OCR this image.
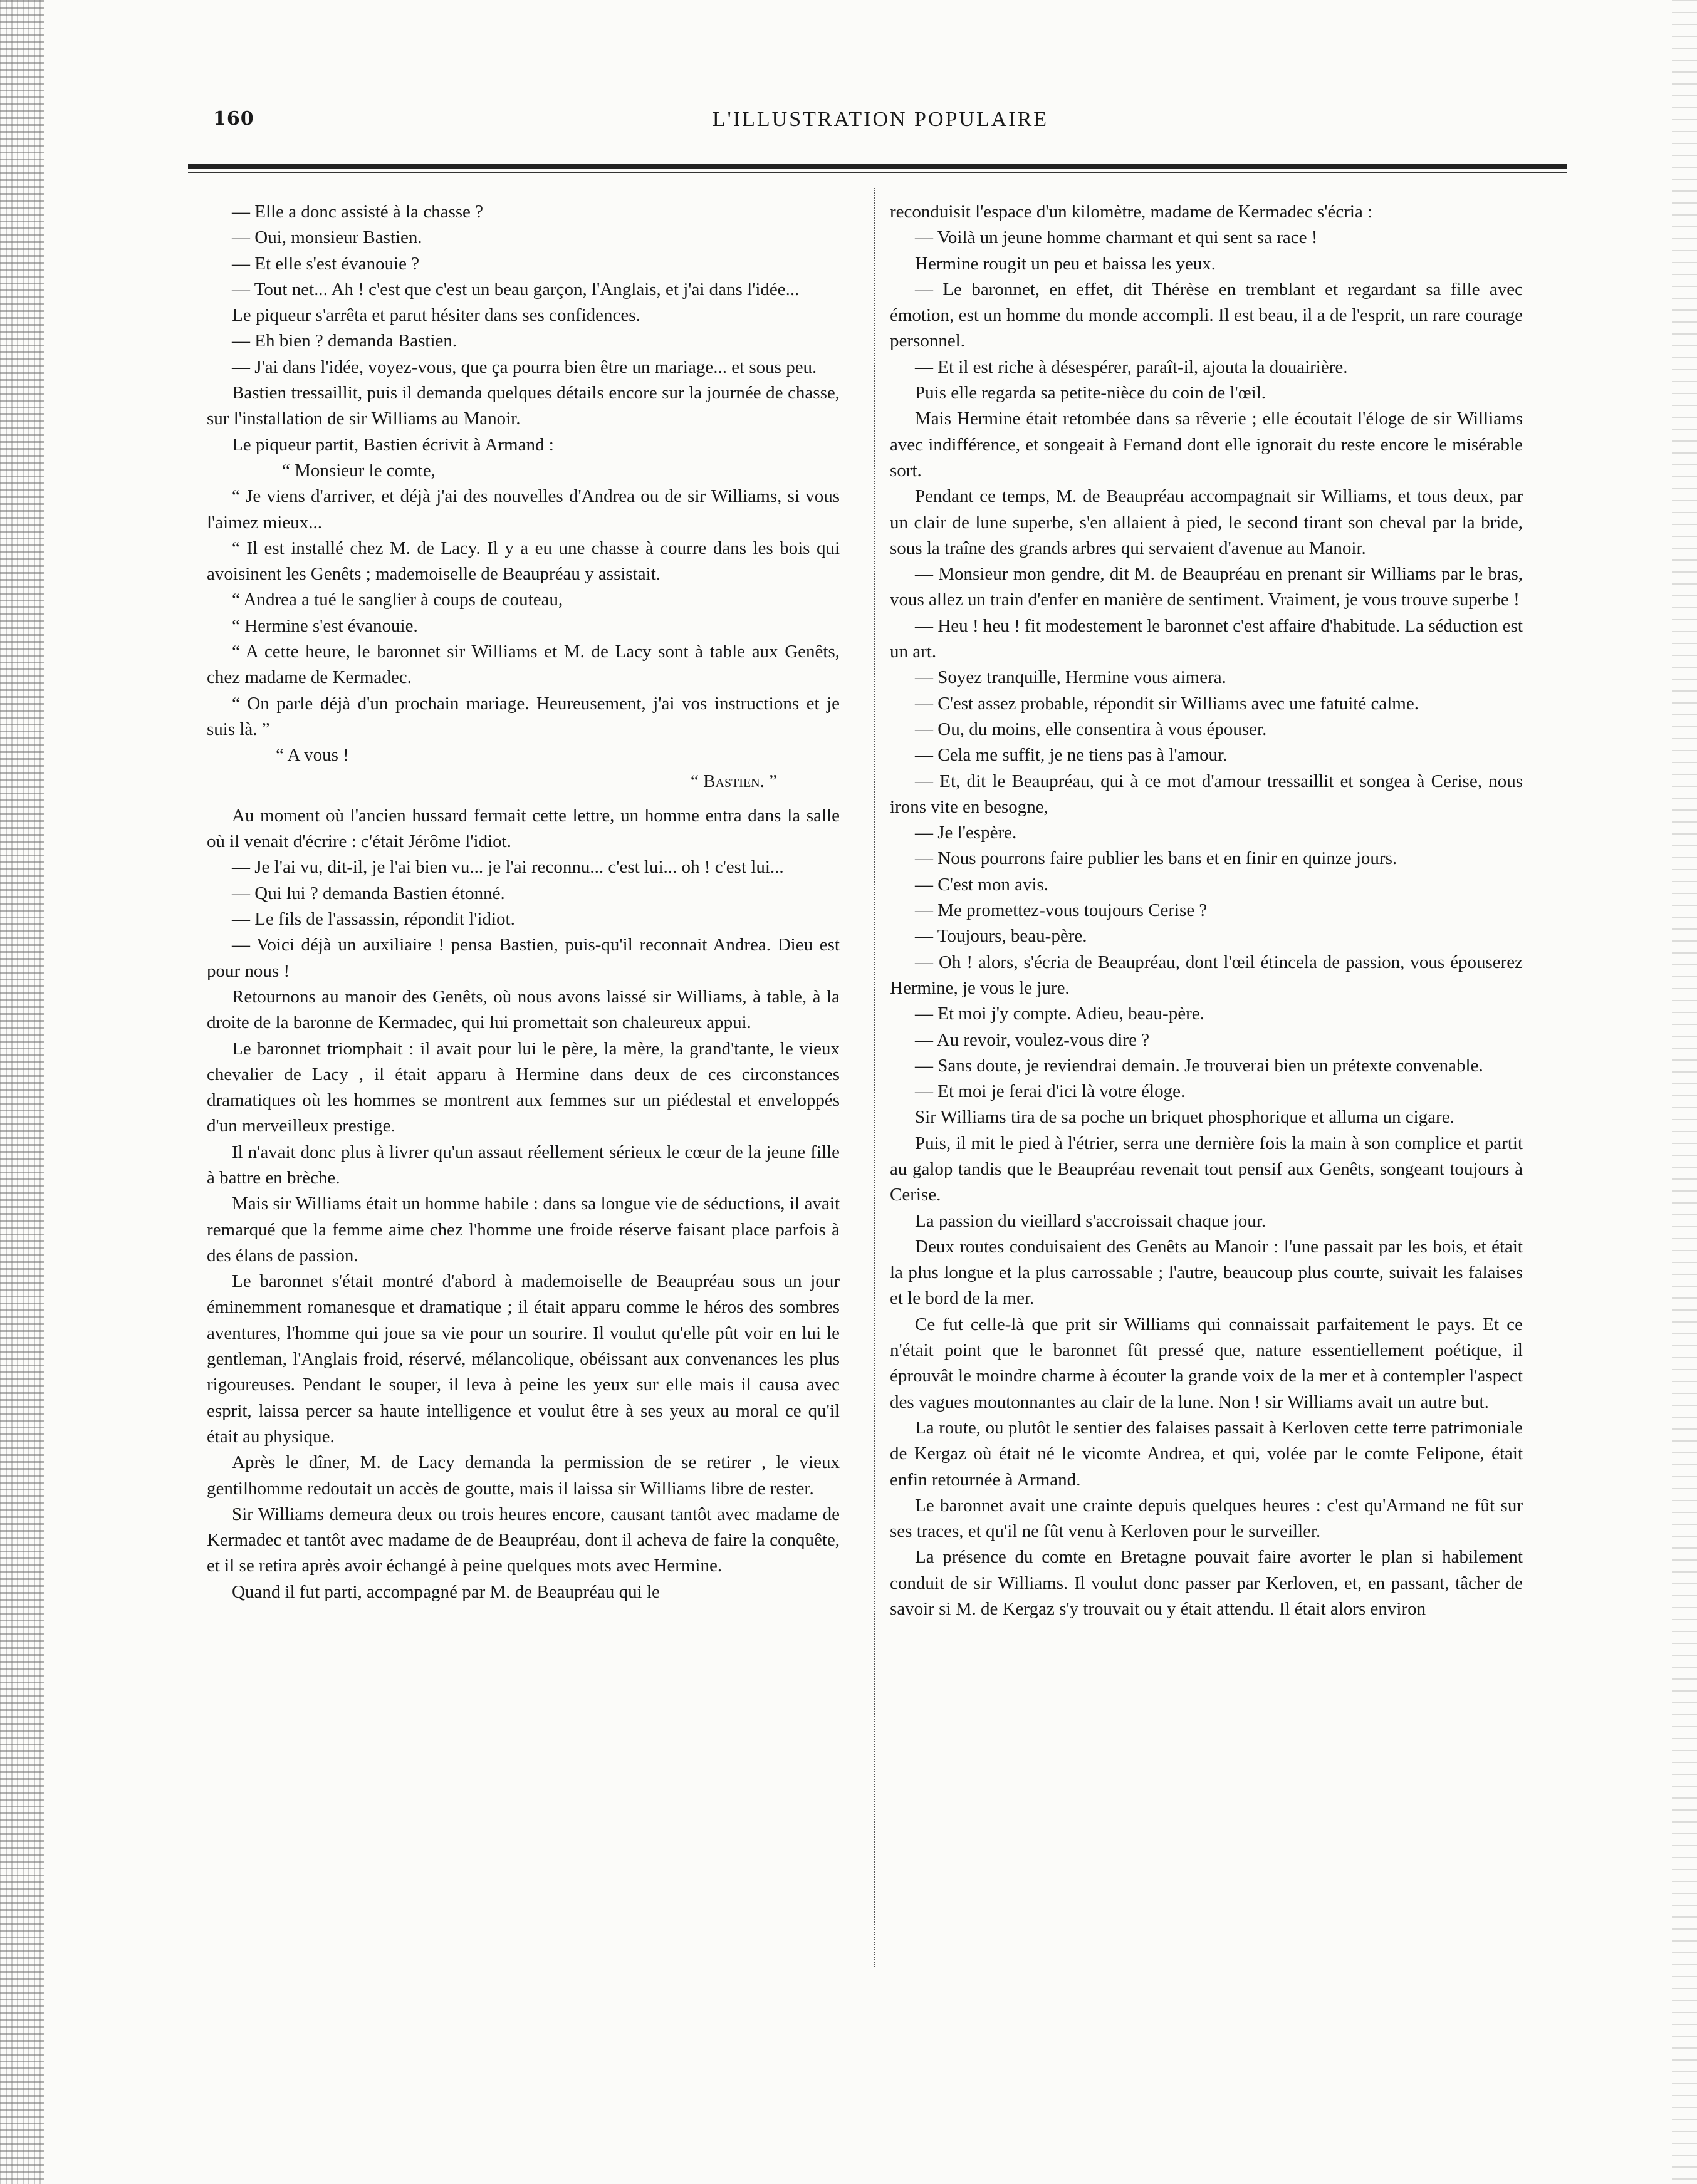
160	L'ILLUSTRATION POPULAIRE

— Elle a donc assisté à la chasse ?

— Oui, monsieur Bastien.

— Et elle s'est évanouie ?

— Tout net... Ah ! c'est que c'est un beau garçon, l'Anglais, et j'ai dans l'idée...

Le piqueur s'arrêta et parut hésiter dans ses confidences.

— Eh bien ? demanda Bastien.

— J'ai dans l'idée, voyez-vous, que ça pourra bien être un mariage... et sous peu.

Bastien tressaillit, puis il demanda quelques détails encore sur la journée de chasse, sur l'installation de sir Williams au Manoir.

Le piqueur partit, Bastien écrivit à Armand :

“ Monsieur le comte,

“ Je viens d'arriver, et déjà j'ai des nouvelles d'Andrea ou de sir Williams, si vous l'aimez mieux...

“ Il est installé chez M. de Lacy. Il y a eu une chasse à courre dans les bois qui avoisinent les Genêts ; mademoiselle de Beaupréau y assistait.

“ Andrea a tué le sanglier à coups de couteau,

“ Hermine s'est évanouie.

“ A cette heure, le baronnet sir Williams et M. de Lacy sont à table aux Genêts, chez madame de Kermadec.

“ On parle déjà d'un prochain mariage. Heureusement, j'ai vos instructions et je suis là. ”

“ A vous !

“ Bastien. ”

Au moment où l'ancien hussard fermait cette lettre, un homme entra dans la salle où il venait d'écrire : c'était Jérôme l'idiot.

— Je l'ai vu, dit-il, je l'ai bien vu... je l'ai reconnu... c'est lui... oh ! c'est lui...

— Qui lui ? demanda Bastien étonné.

— Le fils de l'assassin, répondit l'idiot.

— Voici déjà un auxiliaire ! pensa Bastien, puis-qu'il reconnait Andrea. Dieu est pour nous !

Retournons au manoir des Genêts, où nous avons laissé sir Williams, à table, à la droite de la baronne de Kermadec, qui lui promettait son chaleureux appui.

Le baronnet triomphait : il avait pour lui le père, la mère, la grand'tante, le vieux chevalier de Lacy , il était apparu à Hermine dans deux de ces circonstances dramatiques où les hommes se montrent aux femmes sur un piédestal et enveloppés d'un merveilleux prestige.

Il n'avait donc plus à livrer qu'un assaut réellement sérieux le cœur de la jeune fille à battre en brèche.

Mais sir Williams était un homme habile : dans sa longue vie de séductions, il avait remarqué que la femme aime chez l'homme une froide réserve faisant place parfois à des élans de passion.

Le baronnet s'était montré d'abord à mademoiselle de Beaupréau sous un jour éminemment romanesque et dramatique ; il était apparu comme le héros des sombres aventures, l'homme qui joue sa vie pour un sourire. Il voulut qu'elle pût voir en lui le gentleman, l'Anglais froid, réservé, mélancolique, obéissant aux convenances les plus rigoureuses. Pendant le souper, il leva à peine les yeux sur elle mais il causa avec esprit, laissa percer sa haute intelligence et voulut être à ses yeux au moral ce qu'il était au physique.

Après le dîner, M. de Lacy demanda la permission de se retirer , le vieux gentilhomme redoutait un accès de goutte, mais il laissa sir Williams libre de rester.

Sir Williams demeura deux ou trois heures encore, causant tantôt avec madame de Kermadec et tantôt avec madame de de Beaupréau, dont il acheva de faire la conquête, et il se retira après avoir échangé à peine quelques mots avec Hermine.

Quand il fut parti, accompagné par M. de Beaupréau qui le

reconduisit l'espace d'un kilomètre, madame de Kermadec s'écria :

— Voilà un jeune homme charmant et qui sent sa race !

Hermine rougit un peu et baissa les yeux.

— Le baronnet, en effet, dit Thérèse en tremblant et regardant sa fille avec émotion, est un homme du monde accompli. Il est beau, il a de l'esprit, un rare courage personnel.

— Et il est riche à désespérer, paraît-il, ajouta la douairière.

Puis elle regarda sa petite-nièce du coin de l'œil.

Mais Hermine était retombée dans sa rêverie ; elle écoutait l'éloge de sir Williams avec indifférence, et songeait à Fernand dont elle ignorait du reste encore le misérable sort.

Pendant ce temps, M. de Beaupréau accompagnait sir Williams, et tous deux, par un clair de lune superbe, s'en allaient à pied, le second tirant son cheval par la bride, sous la traîne des grands arbres qui servaient d'avenue au Manoir.

— Monsieur mon gendre, dit M. de Beaupréau en prenant sir Williams par le bras, vous allez un train d'enfer en manière de sentiment. Vraiment, je vous trouve superbe !

— Heu ! heu ! fit modestement le baronnet c'est affaire d'habitude. La séduction est un art.

— Soyez tranquille, Hermine vous aimera.

— C'est assez probable, répondit sir Williams avec une fatuité calme.

— Ou, du moins, elle consentira à vous épouser.

— Cela me suffit, je ne tiens pas à l'amour.

— Et, dit le Beaupréau, qui à ce mot d'amour tressaillit et songea à Cerise, nous irons vite en besogne,

— Je l'espère.

— Nous pourrons faire publier les bans et en finir en quinze jours.

— C'est mon avis.

— Me promettez-vous toujours Cerise ?

— Toujours, beau-père.

— Oh ! alors, s'écria de Beaupréau, dont l'œil étincela de passion, vous épouserez Hermine, je vous le jure.

— Et moi j'y compte. Adieu, beau-père.

— Au revoir, voulez-vous dire ?

— Sans doute, je reviendrai demain. Je trouverai bien un prétexte convenable.

— Et moi je ferai d'ici là votre éloge.

Sir Williams tira de sa poche un briquet phosphorique et alluma un cigare.

Puis, il mit le pied à l'étrier, serra une dernière fois la main à son complice et partit au galop tandis que le Beaupréau revenait tout pensif aux Genêts, songeant toujours à Cerise.

La passion du vieillard s'accroissait chaque jour.

Deux routes conduisaient des Genêts au Manoir : l'une passait par les bois, et était la plus longue et la plus carrossable ; l'autre, beaucoup plus courte, suivait les falaises et le bord de la mer.

Ce fut celle-là que prit sir Williams qui connaissait parfaitement le pays. Et ce n'était point que le baronnet fût pressé que, nature essentiellement poétique, il éprouvât le moindre charme à écouter la grande voix de la mer et à contempler l'aspect des vagues moutonnantes au clair de la lune. Non ! sir Williams avait un autre but.

La route, ou plutôt le sentier des falaises passait à Kerloven cette terre patrimoniale de Kergaz où était né le vicomte Andrea, et qui, volée par le comte Felipone, était enfin retournée à Armand.

Le baronnet avait une crainte depuis quelques heures : c'est qu'Armand ne fût sur ses traces, et qu'il ne fût venu à Kerloven pour le surveiller.

La présence du comte en Bretagne pouvait faire avorter le plan si habilement conduit de sir Williams. Il voulut donc passer par Kerloven, et, en passant, tâcher de savoir si M. de Kergaz s'y trouvait ou y était attendu. Il était alors environ
